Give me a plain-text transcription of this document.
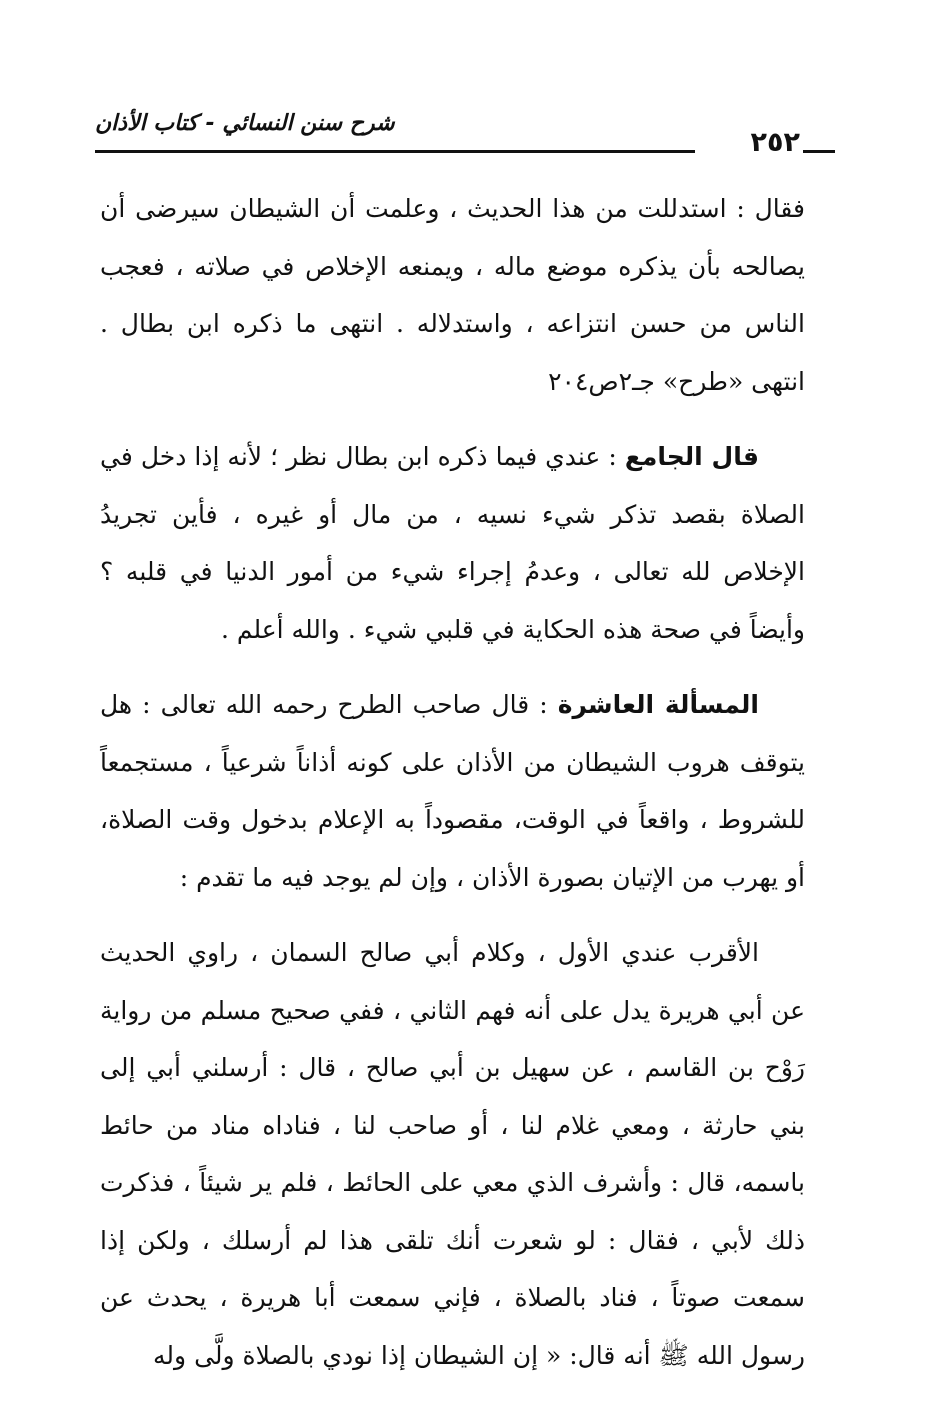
٢٥٢
شرح سنن النسائي - كتاب الأذان

فقال : استدللت من هذا الحديث ، وعلمت أن الشيطان سيرضى أن يصالحه بأن يذكره موضع ماله ، ويمنعه الإخلاص في صلاته ، فعجب الناس من حسن انتزاعه ، واستدلاله . انتهى ما ذكره ابن بطال . انتهى «طرح» جـ٢ص٢٠٤

قال الجامع : عندي فيما ذكره ابن بطال نظر ؛ لأنه إذا دخل في الصلاة بقصد تذكر شيء نسيه ، من مال أو غيره ، فأين تجريدُ الإخلاص لله تعالى ، وعدمُ إجراء شيء من أمور الدنيا في قلبه ؟ وأيضاً في صحة هذه الحكاية في قلبي شيء . والله أعلم .

المسألة العاشرة : قال صاحب الطرح رحمه الله تعالى : هل يتوقف هروب الشيطان من الأذان على كونه أذاناً شرعياً ، مستجمعاً للشروط ، واقعاً في الوقت، مقصوداً به الإعلام بدخول وقت الصلاة، أو يهرب من الإتيان بصورة الأذان ، وإن لم يوجد فيه ما تقدم :

الأقرب عندي الأول ، وكلام أبي صالح السمان ، راوي الحديث عن أبي هريرة يدل على أنه فهم الثاني ، ففي صحيح مسلم من رواية رَوْح بن القاسم ، عن سهيل بن أبي صالح ، قال : أرسلني أبي إلى بني حارثة ، ومعي غلام لنا ، أو صاحب لنا ، فناداه مناد من حائط باسمه، قال : وأشرف الذي معي على الحائط ، فلم ير شيئاً ، فذكرت ذلك لأبي ، فقال : لو شعرت أنك تلقى هذا لم أرسلك ، ولكن إذا سمعت صوتاً ، فناد بالصلاة ، فإني سمعت أبا هريرة ، يحدث عن رسول الله ﷺ أنه قال: « إن الشيطان إذا نودي بالصلاة ولَّى وله
